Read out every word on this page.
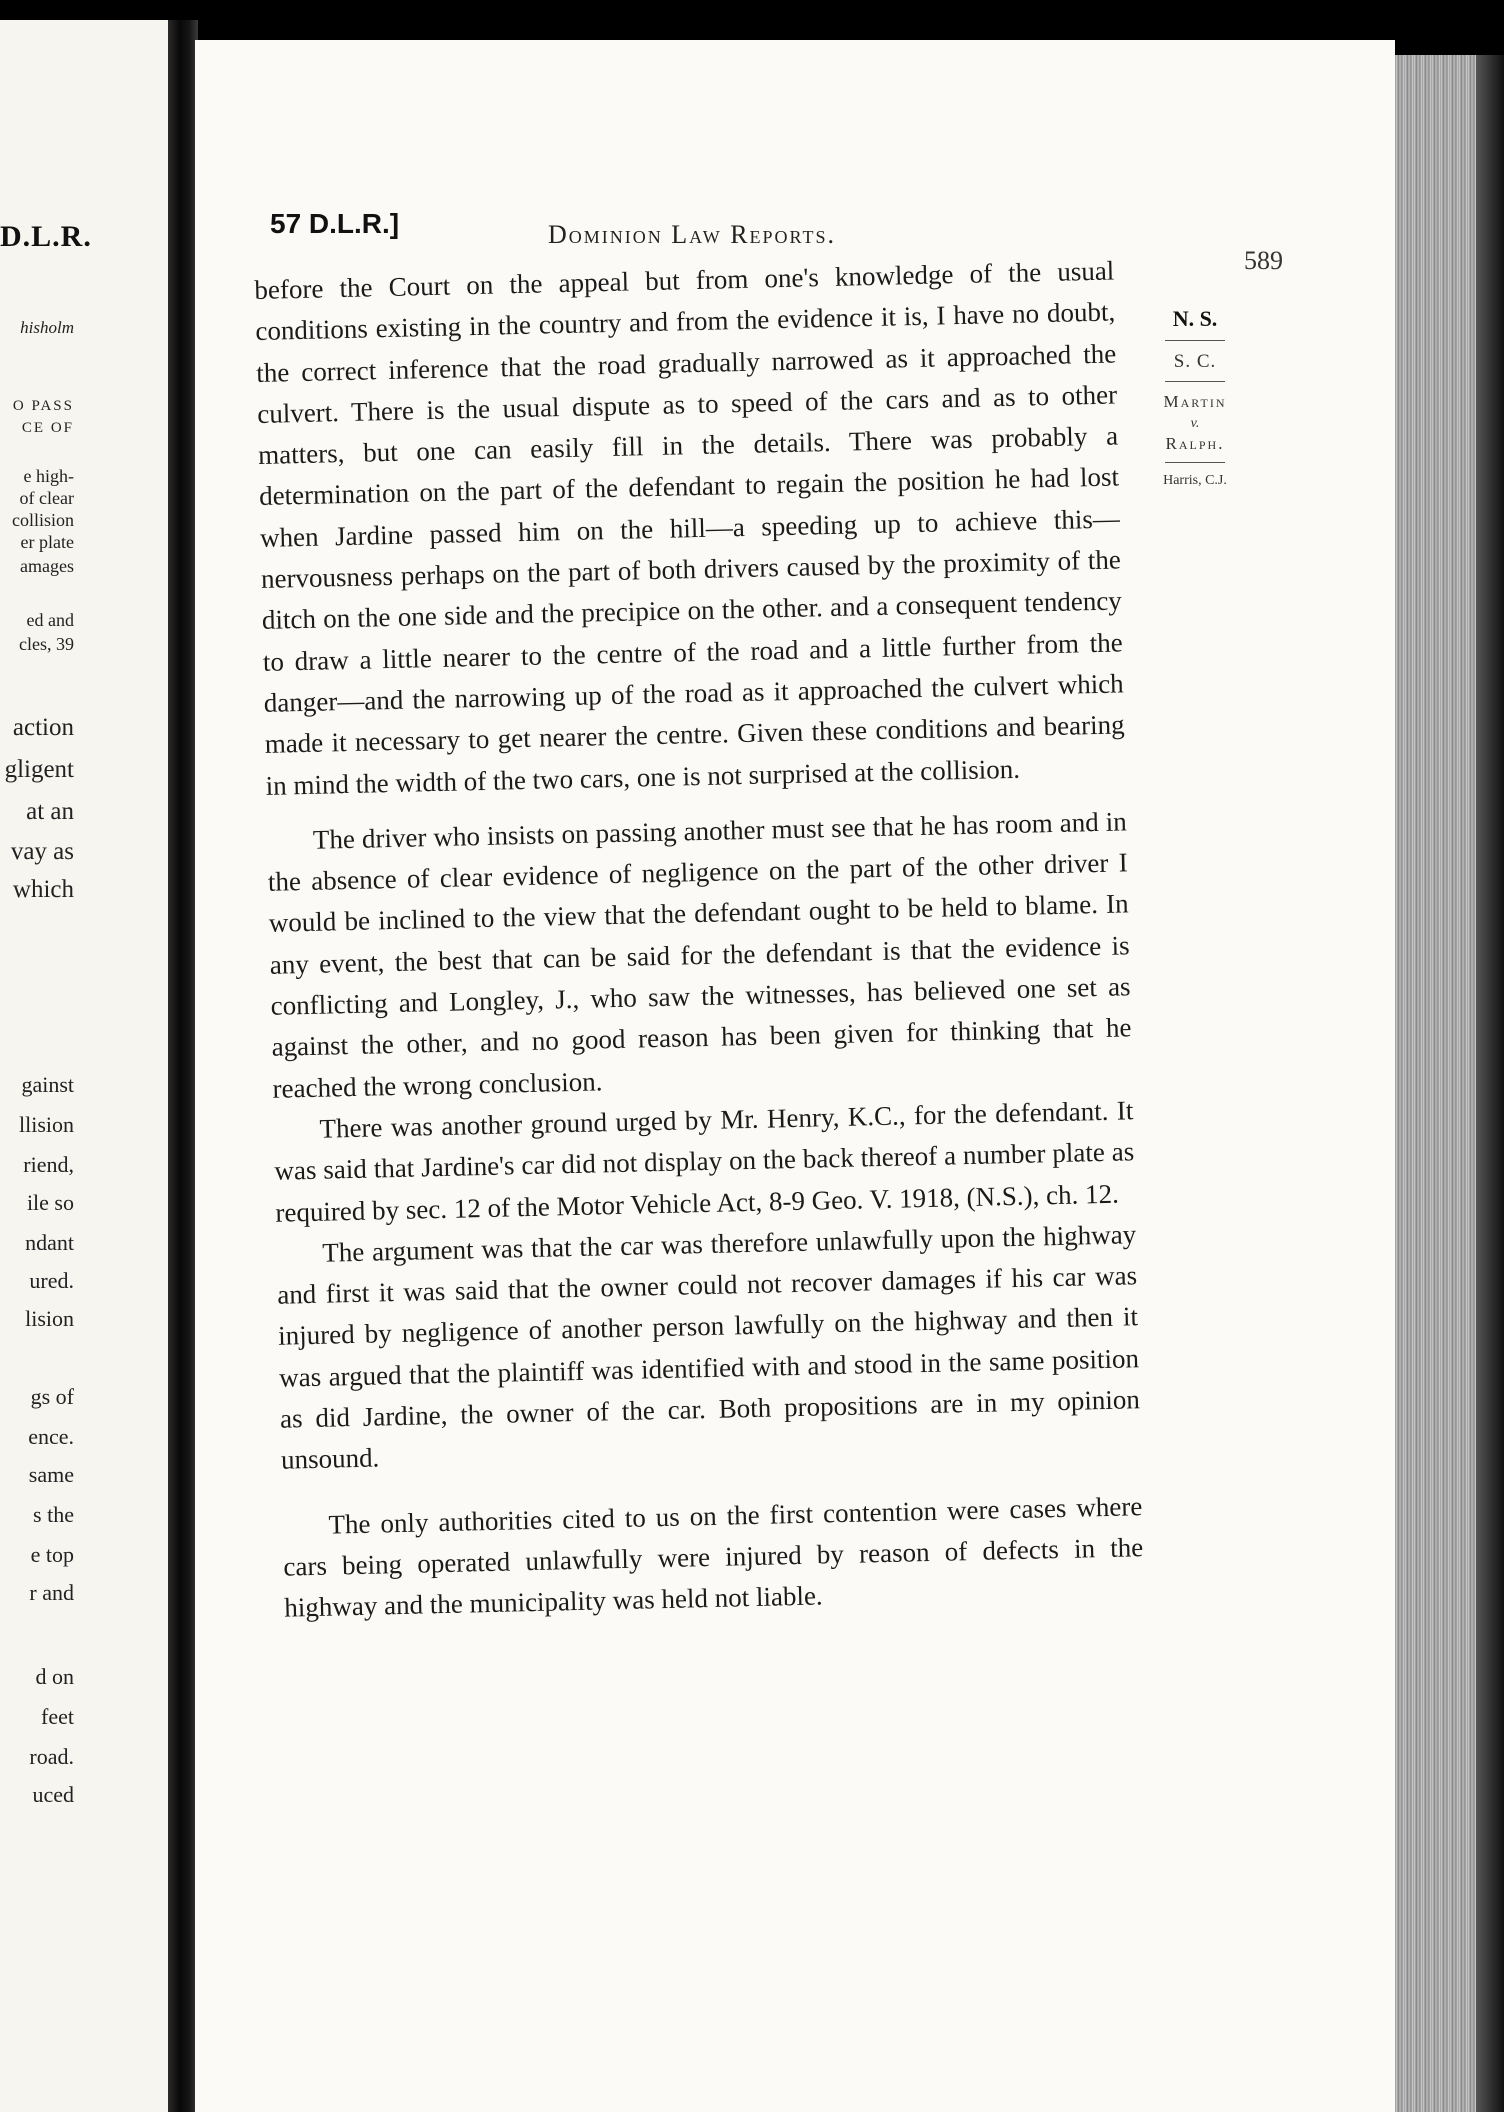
D.L.R.
hisholm
O PASS
CE OF
e high-
of clear
collision
er plate
amages
ed and
cles, 39
action
gligent
at an
vay as
which
gainst
llision
riend,
ile so
ndant
ured.
lision
gs of
ence.
same
s the
e top
r and
d on
feet
road.
uced
57 D.L.R.]	Dominion Law Reports.
589
N. S.
S. C.
Martin
v.
Ralph.
Harris, C.J.

before the Court on the appeal but from one's knowledge of the usual conditions existing in the country and from the evidence it is, I have no doubt, the correct inference that the road gradually narrowed as it approached the culvert. There is the usual dispute as to speed of the cars and as to other matters, but one can easily fill in the details. There was probably a determination on the part of the defendant to regain the position he had lost when Jardine passed him on the hill—a speeding up to achieve this—nervousness perhaps on the part of both drivers caused by the proximity of the ditch on the one side and the precipice on the other. and a consequent tendency to draw a little nearer to the centre of the road and a little further from the danger—and the narrowing up of the road as it approached the culvert which made it necessary to get nearer the centre. Given these conditions and bearing in mind the width of the two cars, one is not surprised at the collision.

The driver who insists on passing another must see that he has room and in the absence of clear evidence of negligence on the part of the other driver I would be inclined to the view that the defendant ought to be held to blame. In any event, the best that can be said for the defendant is that the evidence is conflicting and Longley, J., who saw the witnesses, has believed one set as against the other, and no good reason has been given for thinking that he reached the wrong conclusion.

There was another ground urged by Mr. Henry, K.C., for the defendant. It was said that Jardine's car did not display on the back thereof a number plate as required by sec. 12 of the Motor Vehicle Act, 8-9 Geo. V. 1918, (N.S.), ch. 12.

The argument was that the car was therefore unlawfully upon the highway and first it was said that the owner could not recover damages if his car was injured by negligence of another person lawfully on the highway and then it was argued that the plaintiff was identified with and stood in the same position as did Jardine, the owner of the car. Both propositions are in my opinion unsound.

The only authorities cited to us on the first contention were cases where cars being operated unlawfully were injured by reason of defects in the highway and the municipality was held not liable.
